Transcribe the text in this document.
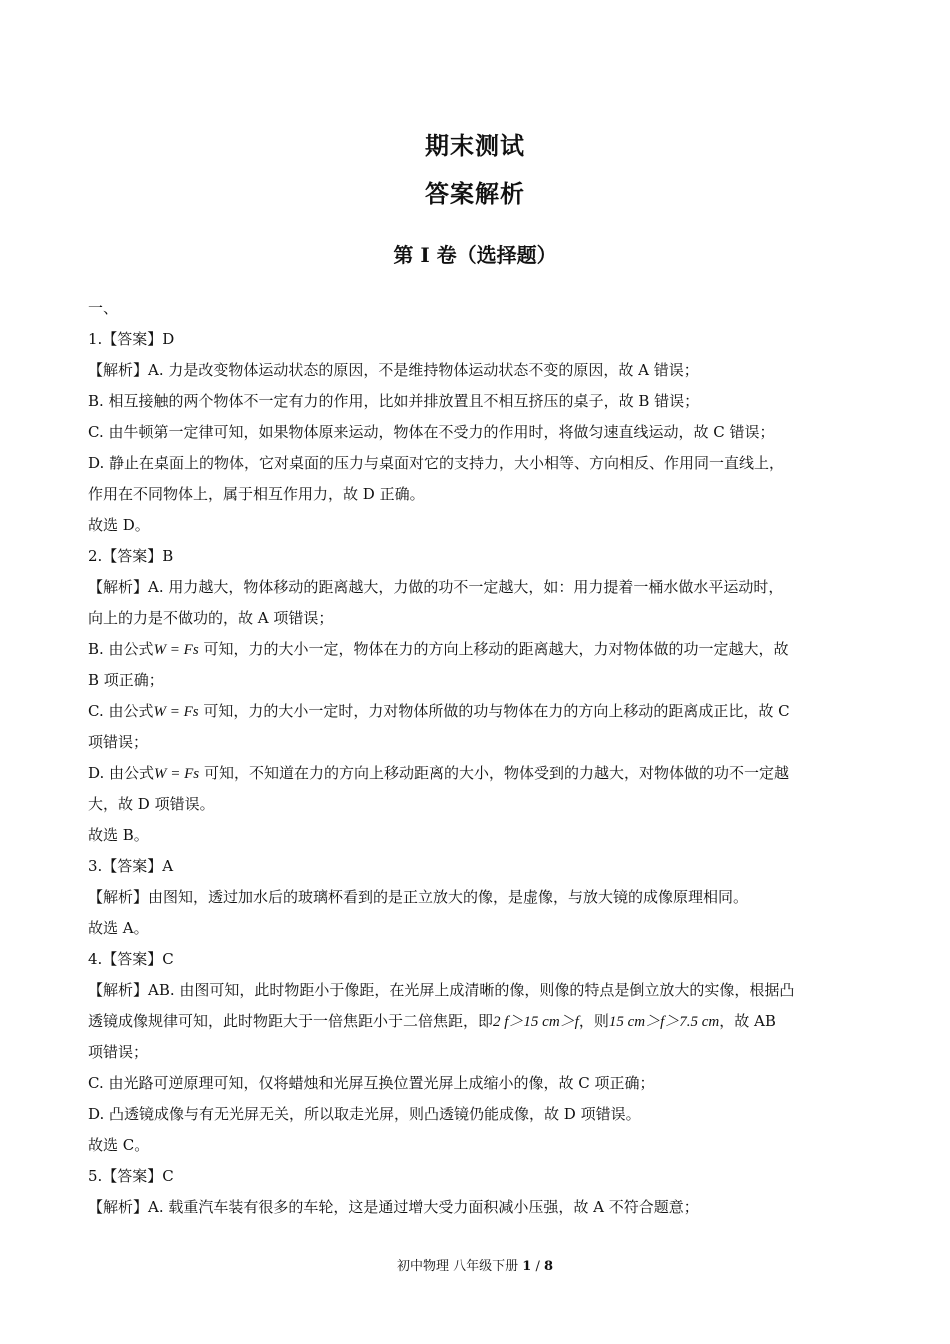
期末测试
答案解析
第 I 卷（选择题）
一、
1.【答案】D
【解析】A. 力是改变物体运动状态的原因，不是维持物体运动状态不变的原因，故 A 错误；
B. 相互接触的两个物体不一定有力的作用，比如并排放置且不相互挤压的桌子，故 B 错误；
C. 由牛顿第一定律可知，如果物体原来运动，物体在不受力的作用时，将做匀速直线运动，故 C 错误；
D. 静止在桌面上的物体，它对桌面的压力与桌面对它的支持力，大小相等、方向相反、作用同一直线上，
作用在不同物体上，属于相互作用力，故 D 正确。
故选 D。
2.【答案】B
【解析】A. 用力越大，物体移动的距离越大，力做的功不一定越大，如：用力提着一桶水做水平运动时，
向上的力是不做功的，故 A 项错误；
B. 由公式W = Fs 可知，力的大小一定，物体在力的方向上移动的距离越大，力对物体做的功一定越大，故
B 项正确；
C. 由公式W = Fs 可知，力的大小一定时，力对物体所做的功与物体在力的方向上移动的距离成正比，故 C
项错误；
D. 由公式W = Fs 可知，不知道在力的方向上移动距离的大小，物体受到的力越大，对物体做的功不一定越
大，故 D 项错误。
故选 B。
3.【答案】A
【解析】由图知，透过加水后的玻璃杯看到的是正立放大的像，是虚像，与放大镜的成像原理相同。
故选 A。
4.【答案】C
【解析】AB. 由图可知，此时物距小于像距，在光屏上成清晰的像，则像的特点是倒立放大的实像，根据凸
透镜成像规律可知，此时物距大于一倍焦距小于二倍焦距，即2 f＞15 cm＞f，则15 cm＞f＞7.5 cm，故 AB
项错误；
C. 由光路可逆原理可知，仅将蜡烛和光屏互换位置光屏上成缩小的像，故 C 项正确；
D. 凸透镜成像与有无光屏无关，所以取走光屏，则凸透镜仍能成像，故 D 项错误。
故选 C。
5.【答案】C
【解析】A. 载重汽车装有很多的车轮，这是通过增大受力面积减小压强，故 A 不符合题意；
初中物理 八年级下册 1 / 8
